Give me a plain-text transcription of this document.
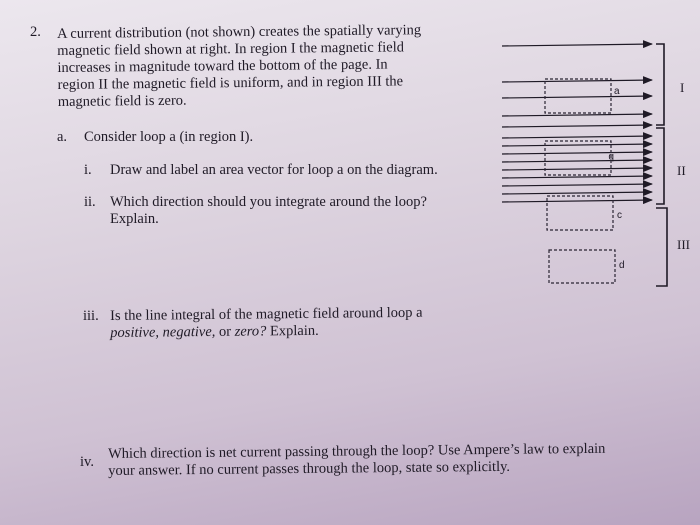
2. A current distribution (not shown) creates the spatially varying
magnetic field shown at right. In region I the magnetic field
increases in magnitude toward the bottom of the page. In
region II the magnetic field is uniform, and in region III the
magnetic field is zero.
a. Consider loop a (in region I).
i. Draw and label an area vector for loop a on the diagram.
ii. Which direction should you integrate around the loop?
Explain.
iii. Is the line integral of the magnetic field around loop a
positive, negative, or zero? Explain.
iv.
Which direction is net current passing through the loop? Use Ampere’s law to explain
your answer. If no current passes through the loop, state so explicitly.
a
b
c
d
I
II
III
